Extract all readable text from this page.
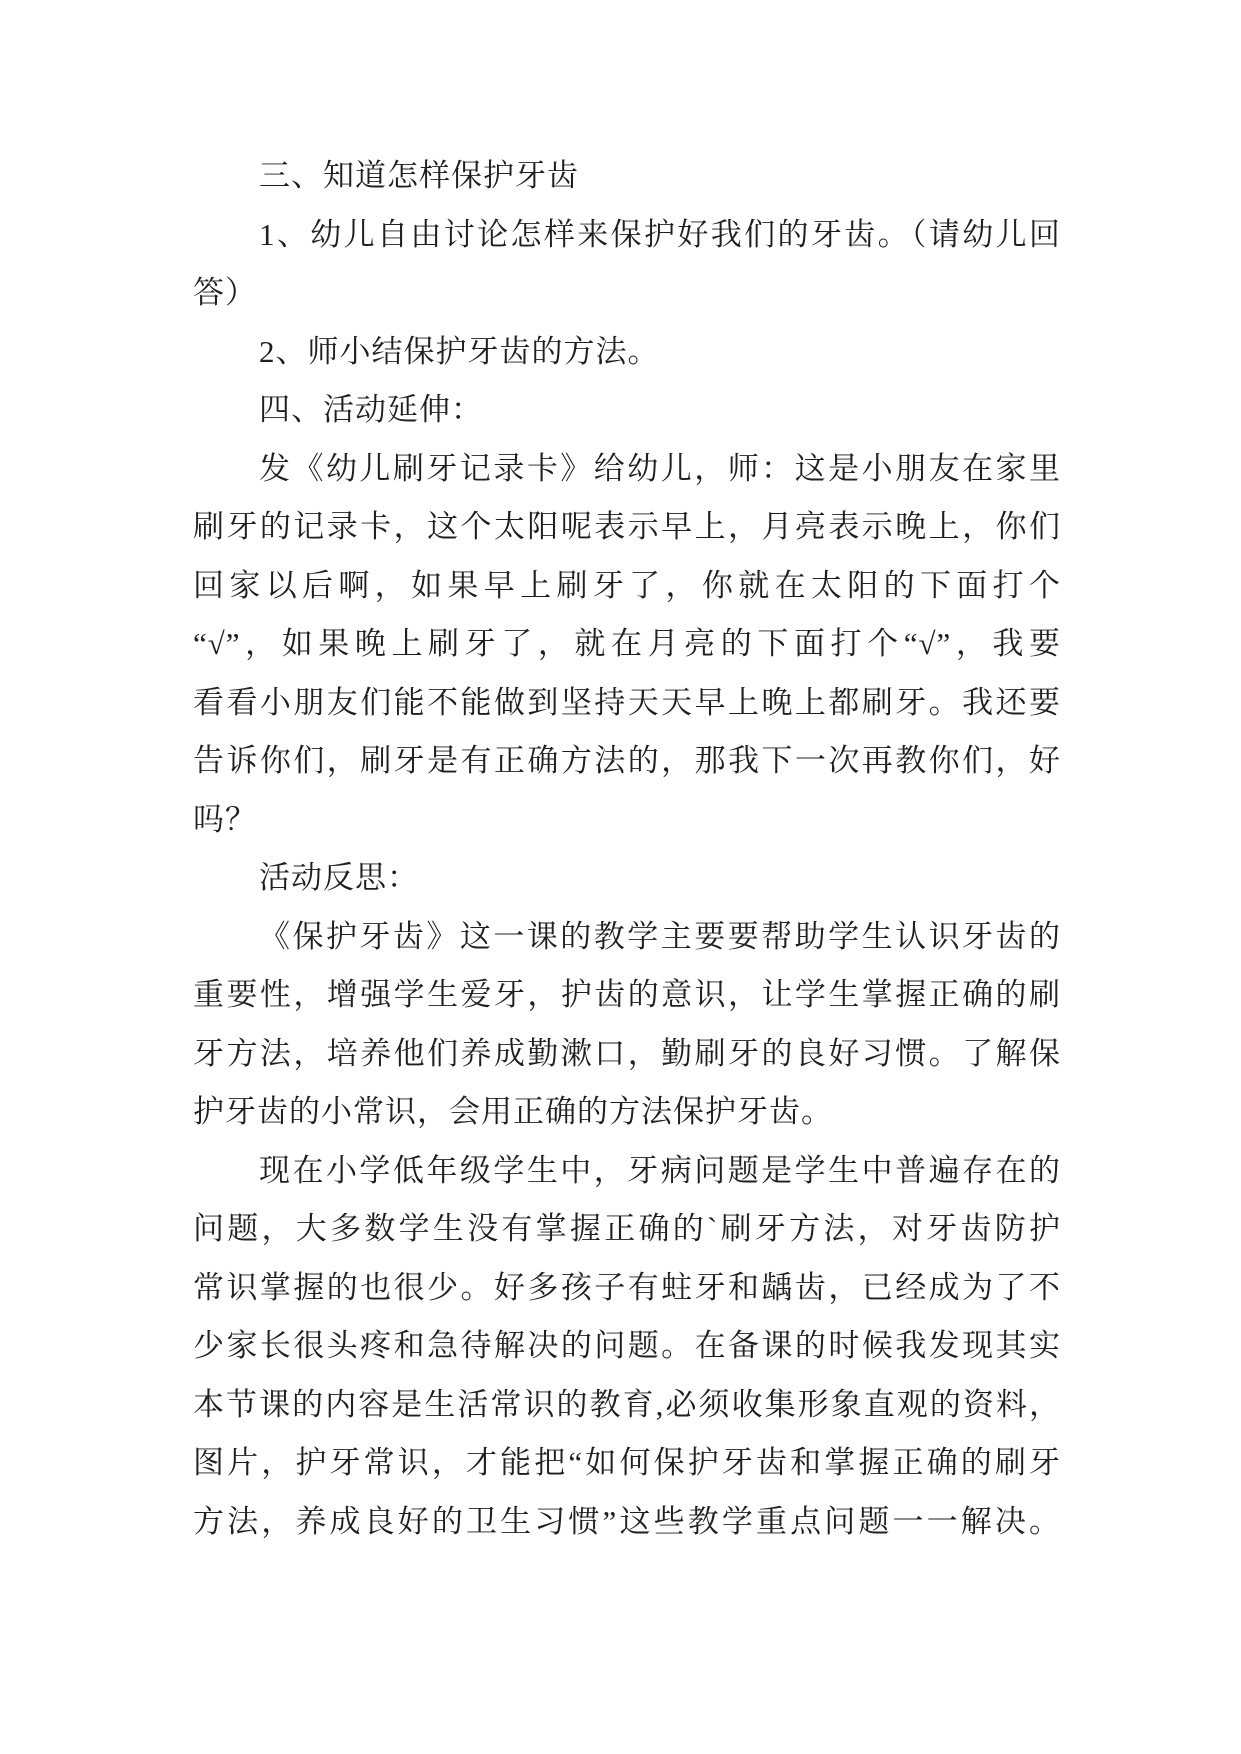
三、知道怎样保护牙齿
1、幼儿自由讨论怎样来保护好我们的牙齿。（请幼儿回
答）
2、师小结保护牙齿的方法。
四、活动延伸：
发《幼儿刷牙记录卡》给幼儿，师：这是小朋友在家里
刷牙的记录卡，这个太阳呢表示早上，月亮表示晚上，你们
回家以后啊，如果早上刷牙了，你就在太阳的下面打个
“√”，如果晚上刷牙了，就在月亮的下面打个“√”，我要
看看小朋友们能不能做到坚持天天早上晚上都刷牙。我还要
告诉你们，刷牙是有正确方法的，那我下一次再教你们，好
吗？
活动反思：
《保护牙齿》这一课的教学主要要帮助学生认识牙齿的
重要性，增强学生爱牙，护齿的意识，让学生掌握正确的刷
牙方法，培养他们养成勤漱口，勤刷牙的良好习惯。了解保
护牙齿的小常识，会用正确的方法保护牙齿。
现在小学低年级学生中，牙病问题是学生中普遍存在的
问题，大多数学生没有掌握正确的`刷牙方法，对牙齿防护
常识掌握的也很少。好多孩子有蛀牙和龋齿，已经成为了不
少家长很头疼和急待解决的问题。在备课的时候我发现其实
本节课的内容是生活常识的教育,必须收集形象直观的资料，
图片，护牙常识，才能把“如何保护牙齿和掌握正确的刷牙
方法，养成良好的卫生习惯”这些教学重点问题一一解决。
